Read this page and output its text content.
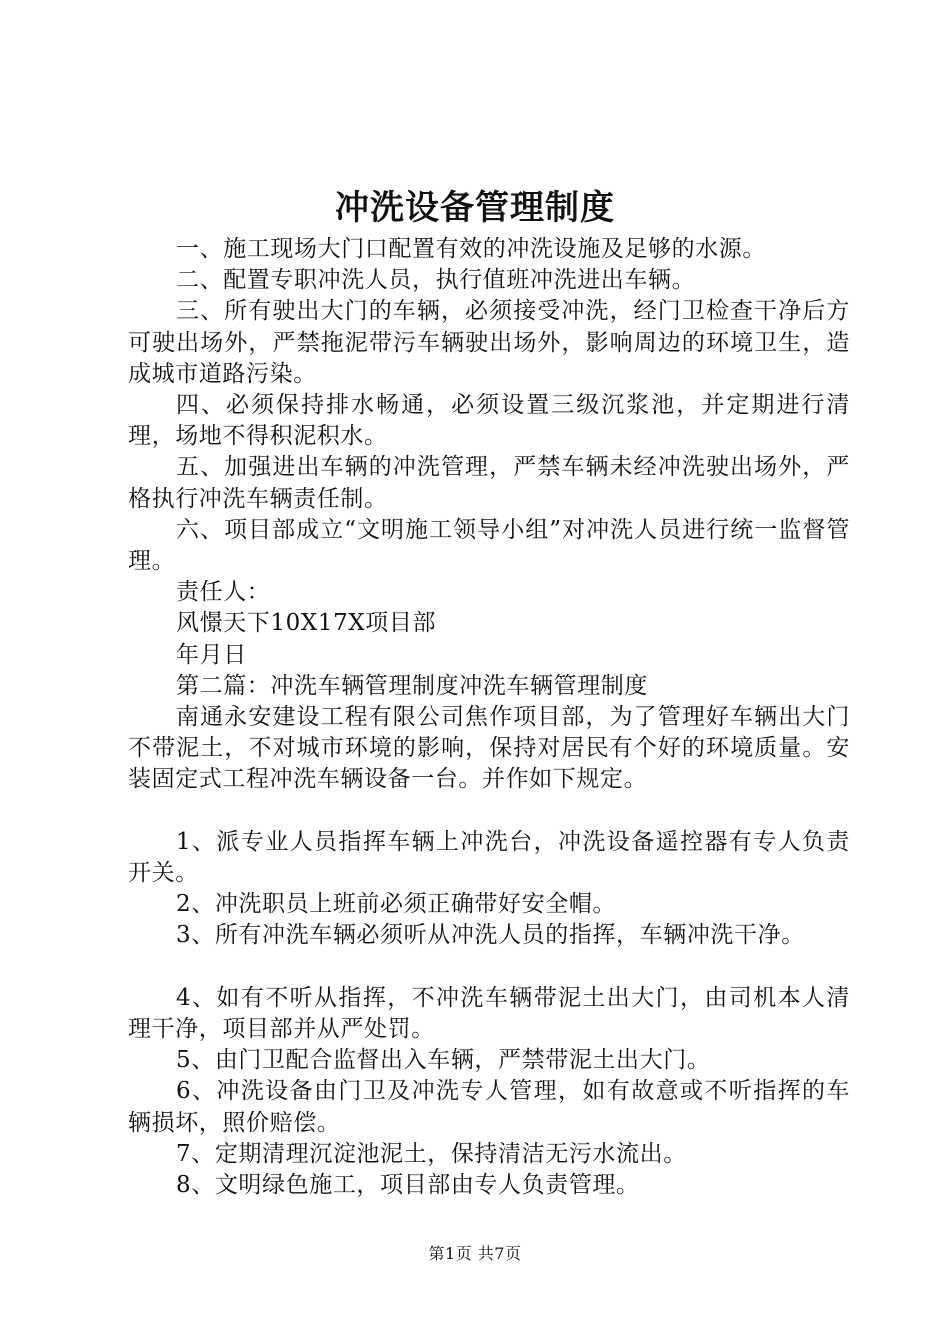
冲洗设备管理制度

一、施工现场大门口配置有效的冲洗设施及足够的水源。

二、配置专职冲洗人员，执行值班冲洗进出车辆。

三、所有驶出大门的车辆，必须接受冲洗，经门卫检查干净后方可驶出场外，严禁拖泥带污车辆驶出场外，影响周边的环境卫生，造成城市道路污染。

四、必须保持排水畅通，必须设置三级沉浆池，并定期进行清理，场地不得积泥积水。

五、加强进出车辆的冲洗管理，严禁车辆未经冲洗驶出场外，严格执行冲洗车辆责任制。

六、项目部成立“文明施工领导小组”对冲洗人员进行统一监督管理。

责任人：

风憬天下10X17X项目部

年月日

第二篇：冲洗车辆管理制度冲洗车辆管理制度

南通永安建设工程有限公司焦作项目部，为了管理好车辆出大门不带泥土，不对城市环境的影响，保持对居民有个好的环境质量。安装固定式工程冲洗车辆设备一台。并作如下规定。

1、派专业人员指挥车辆上冲洗台，冲洗设备遥控器有专人负责开关。

2、冲洗职员上班前必须正确带好安全帽。

3、所有冲洗车辆必须听从冲洗人员的指挥，车辆冲洗干净。

4、如有不听从指挥，不冲洗车辆带泥土出大门，由司机本人清理干净，项目部并从严处罚。

5、由门卫配合监督出入车辆，严禁带泥土出大门。

6、冲洗设备由门卫及冲洗专人管理，如有故意或不听指挥的车辆损坏，照价赔偿。

7、定期清理沉淀池泥土，保持清洁无污水流出。

8、文明绿色施工，项目部由专人负责管理。

第1页 共7页
